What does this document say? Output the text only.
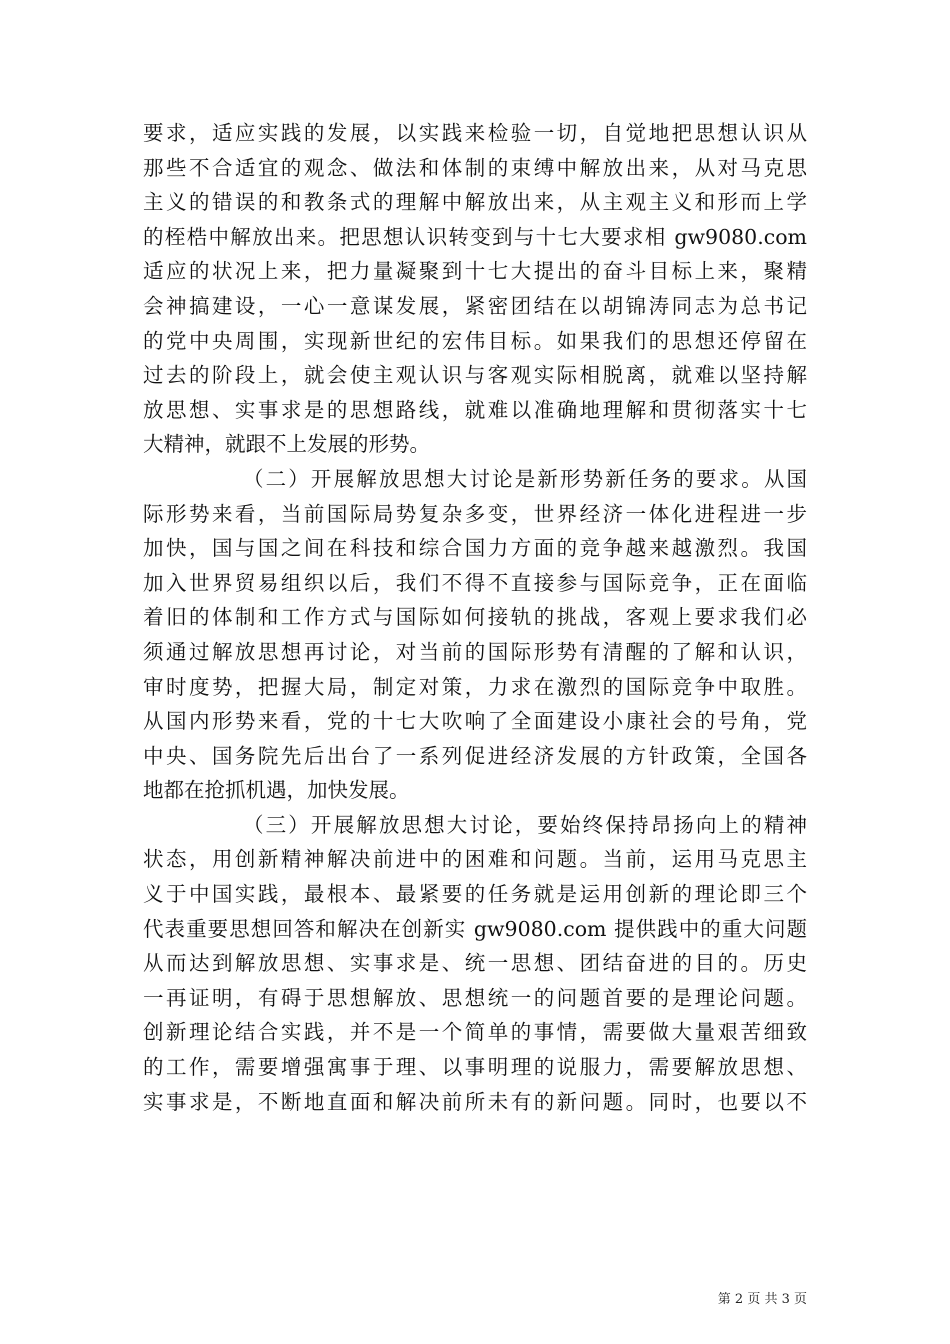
要求，适应实践的发展，以实践来检验一切，自觉地把思想认识从
那些不合适宜的观念、做法和体制的束缚中解放出来，从对马克思
主义的错误的和教条式的理解中解放出来，从主观主义和形而上学
的桎梏中解放出来。把思想认识转变到与十七大要求相 gw9080.com
适应的状况上来，把力量凝聚到十七大提出的奋斗目标上来，聚精
会神搞建设，一心一意谋发展，紧密团结在以胡锦涛同志为总书记
的党中央周围，实现新世纪的宏伟目标。如果我们的思想还停留在
过去的阶段上，就会使主观认识与客观实际相脱离，就难以坚持解
放思想、实事求是的思想路线，就难以准确地理解和贯彻落实十七
大精神，就跟不上发展的形势。
（二）开展解放思想大讨论是新形势新任务的要求。从国
际形势来看，当前国际局势复杂多变，世界经济一体化进程进一步
加快，国与国之间在科技和综合国力方面的竞争越来越激烈。我国
加入世界贸易组织以后，我们不得不直接参与国际竞争，正在面临
着旧的体制和工作方式与国际如何接轨的挑战，客观上要求我们必
须通过解放思想再讨论，对当前的国际形势有清醒的了解和认识，
审时度势，把握大局，制定对策，力求在激烈的国际竞争中取胜。
从国内形势来看，党的十七大吹响了全面建设小康社会的号角，党
中央、国务院先后出台了一系列促进经济发展的方针政策，全国各
地都在抢抓机遇，加快发展。
（三）开展解放思想大讨论，要始终保持昂扬向上的精神
状态，用创新精神解决前进中的困难和问题。当前，运用马克思主
义于中国实践，最根本、最紧要的任务就是运用创新的理论即三个
代表重要思想回答和解决在创新实 gw9080.com 提供践中的重大问题
从而达到解放思想、实事求是、统一思想、团结奋进的目的。历史
一再证明，有碍于思想解放、思想统一的问题首要的是理论问题。
创新理论结合实践，并不是一个简单的事情，需要做大量艰苦细致
的工作，需要增强寓事于理、以事明理的说服力，需要解放思想、
实事求是，不断地直面和解决前所未有的新问题。同时，也要以不
第 2 页 共 3 页
